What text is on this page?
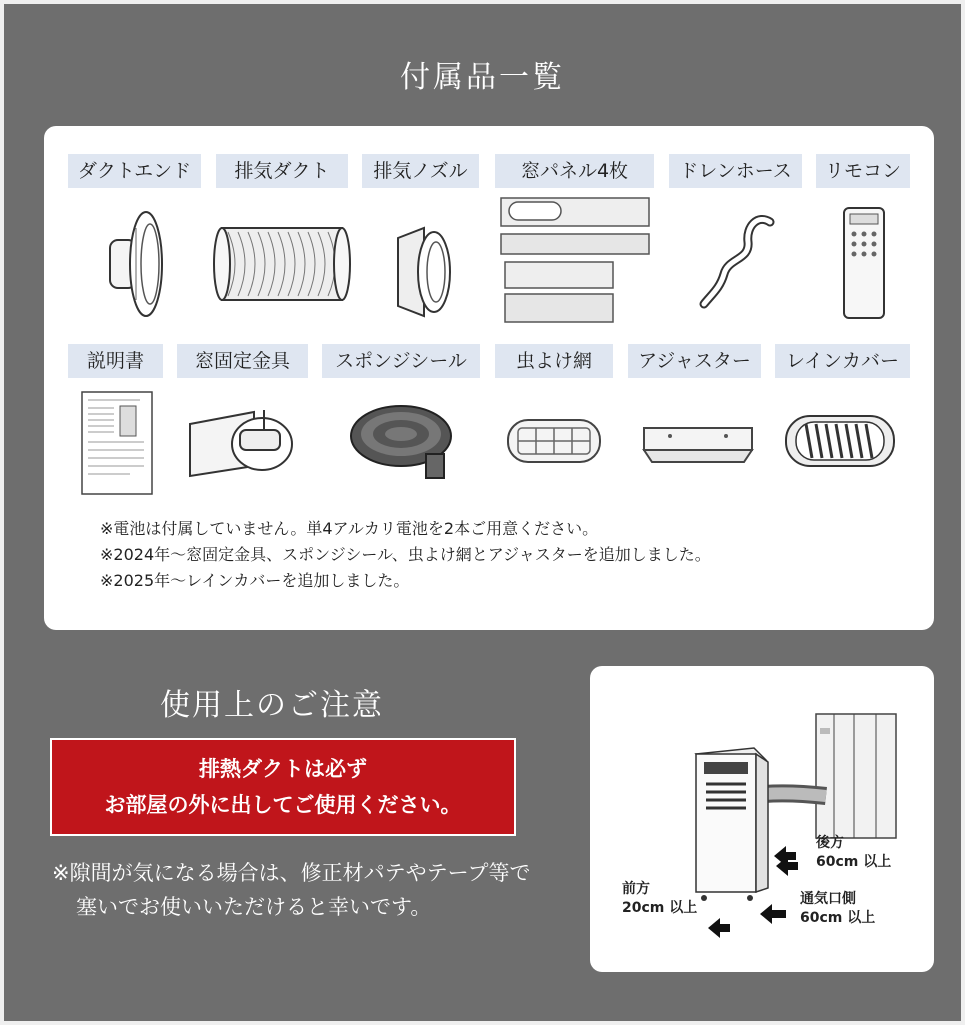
付属品一覧
ダクトエンド	排気ダクト	排気ノズル	窓パネル4枚	ドレンホース	リモコン
説明書	窓固定金具	スポンジシール	虫よけ網	アジャスター	レインカバー
※電池は付属していません。単4アルカリ電池を2本ご用意ください。
※2024年～窓固定金具、スポンジシール、虫よけ網とアジャスターを追加しました。
※2025年～レインカバーを追加しました。
使用上のご注意
排熱ダクトは必ず
お部屋の外に出してご使用ください。
※隙間が気になる場合は、修正材パテやテープ等で塞いでお使いいただけると幸いです。
後方
60cm 以上
前方
20cm 以上
通気口側
60cm 以上
